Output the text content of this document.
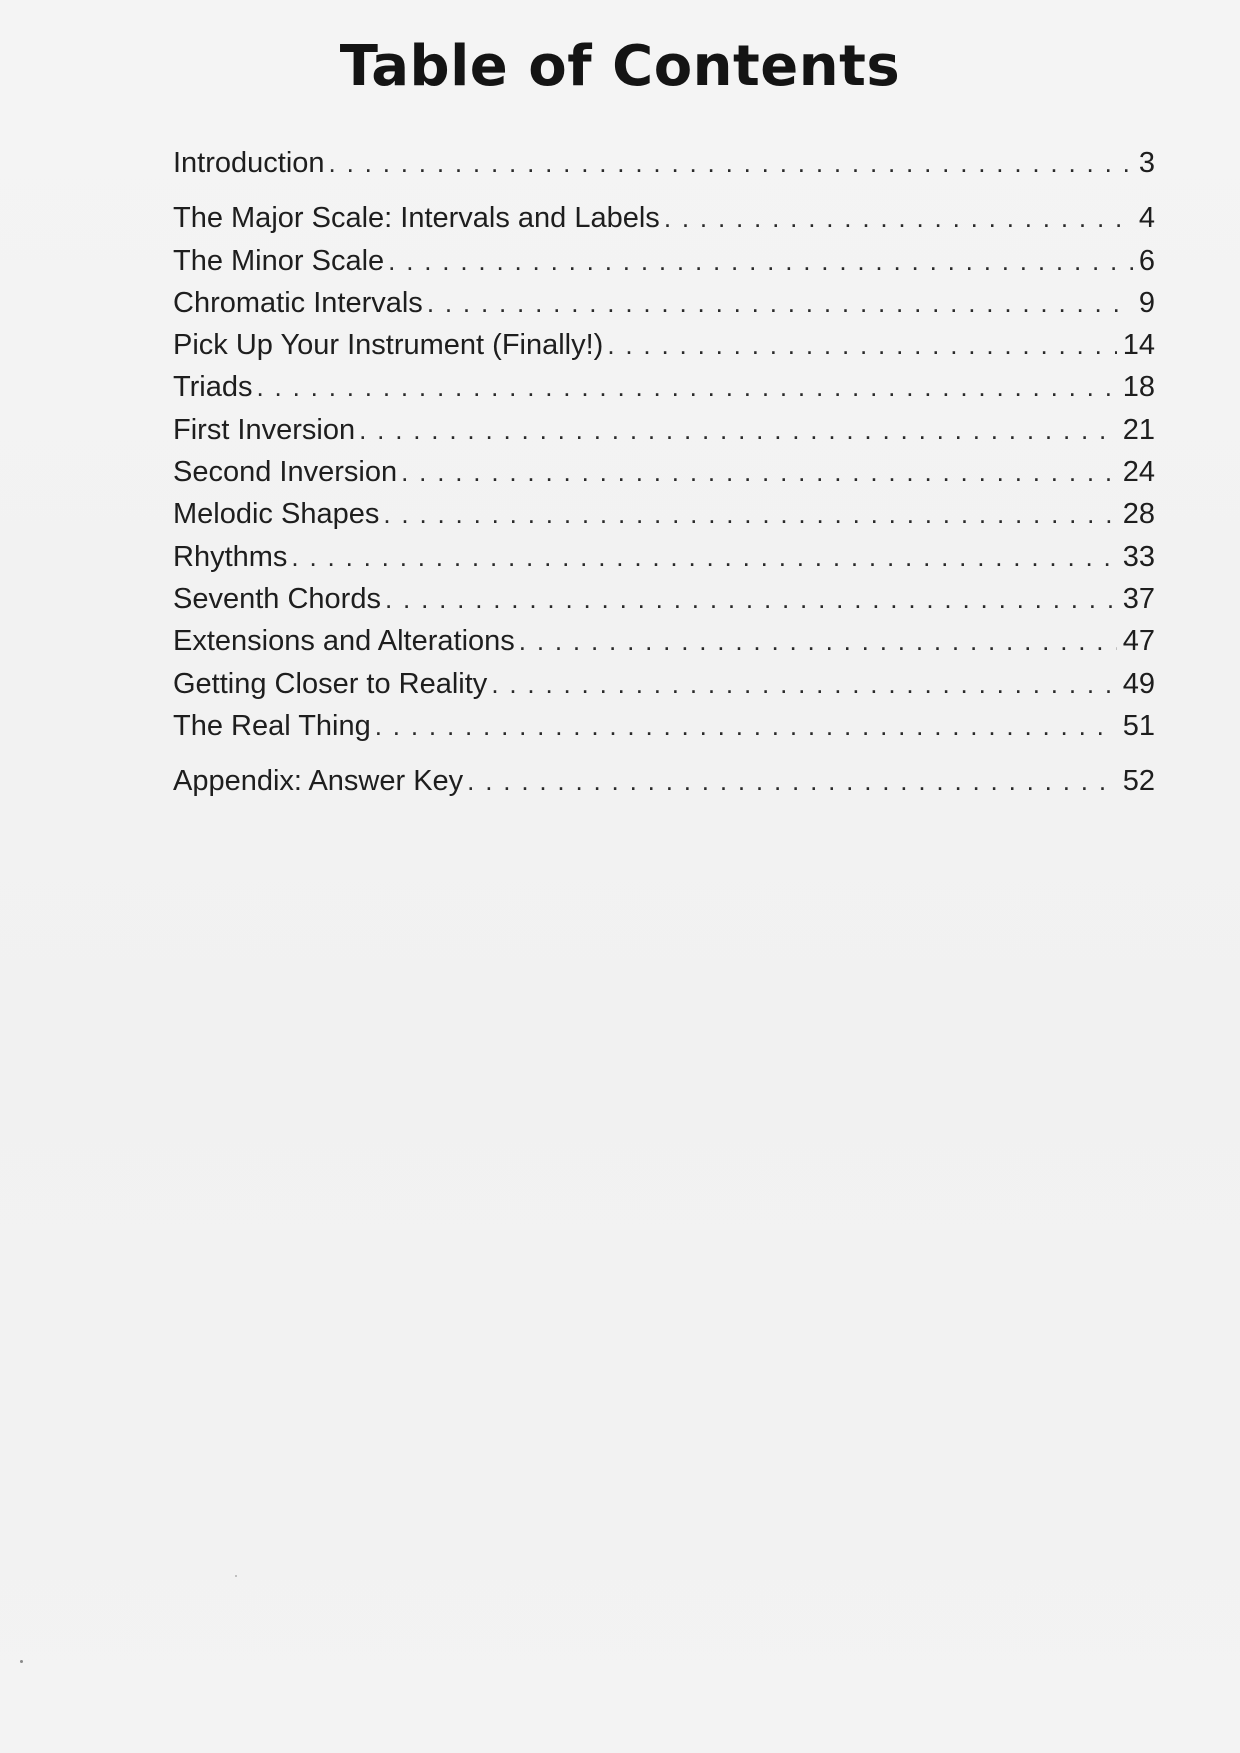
Table of Contents
Introduction . . .	3
The Major Scale: Intervals and Labels . . .	4
The Minor Scale . . .	6
Chromatic Intervals . . .	9
Pick Up Your Instrument (Finally!) . . .	14
Triads . . .	18
First Inversion . . .	21
Second Inversion . . .	24
Melodic Shapes . . .	28
Rhythms . . .	33
Seventh Chords . . .	37
Extensions and Alterations . . .	47
Getting Closer to Reality . . .	49
The Real Thing . . .	51
Appendix: Answer Key . . .	52
